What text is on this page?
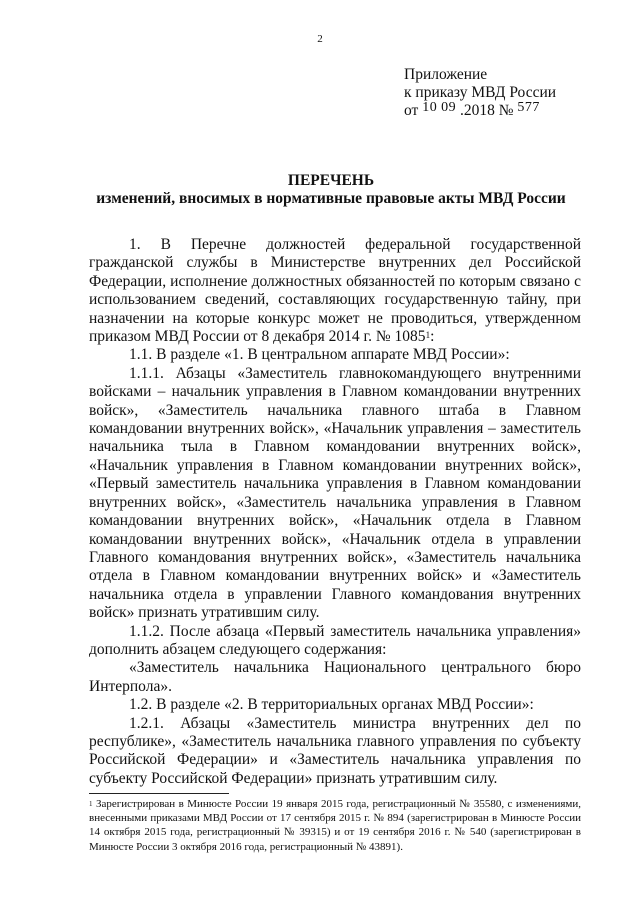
2
Приложение
к приказу МВД России
от 10 09 .2018 № 577
ПЕРЕЧЕНЬ
изменений, вносимых в нормативные правовые акты МВД России

1. В Перечне должностей федеральной государственной гражданской службы в Министерстве внутренних дел Российской Федерации, исполнение должностных обязанностей по которым связано с использованием сведений, составляющих государственную тайну, при назначении на которые конкурс может не проводиться, утвержденном приказом МВД России от 8 декабря 2014 г. № 1085$^1$:

1.1. В разделе «1. В центральном аппарате МВД России»:

1.1.1. Абзацы «Заместитель главнокомандующего внутренними войсками – начальник управления в Главном командовании внутренних войск», «Заместитель начальника главного штаба в Главном командовании внутренних войск», «Начальник управления – заместитель начальника тыла в Главном командовании внутренних войск», «Начальник управления в Главном командовании внутренних войск», «Первый заместитель начальника управления в Главном командовании внутренних войск», «Заместитель начальника управления в Главном командовании внутренних войск», «Начальник отдела в Главном командовании внутренних войск», «Начальник отдела в управлении Главного командования внутренних войск», «Заместитель начальника отдела в Главном командовании внутренних войск» и «Заместитель начальника отдела в управлении Главного командования внутренних войск» признать утратившим силу.

1.1.2. После абзаца «Первый заместитель начальника управления» дополнить абзацем следующего содержания:

«Заместитель начальника Национального центрального бюро Интерпола».

1.2. В разделе «2. В территориальных органах МВД России»:

1.2.1. Абзацы «Заместитель министра внутренних дел по республике», «Заместитель начальника главного управления по субъекту Российской Федерации» и «Заместитель начальника управления по субъекту Российской Федерации» признать утратившим силу.

$^1$ Зарегистрирован в Минюсте России 19 января 2015 года, регистрационный № 35580, с изменениями, внесенными приказами МВД России от 17 сентября 2015 г. № 894 (зарегистрирован в Минюсте России 14 октября 2015 года, регистрационный № 39315) и от 19 сентября 2016 г. № 540 (зарегистрирован в Минюсте России 3 октября 2016 года, регистрационный № 43891).
